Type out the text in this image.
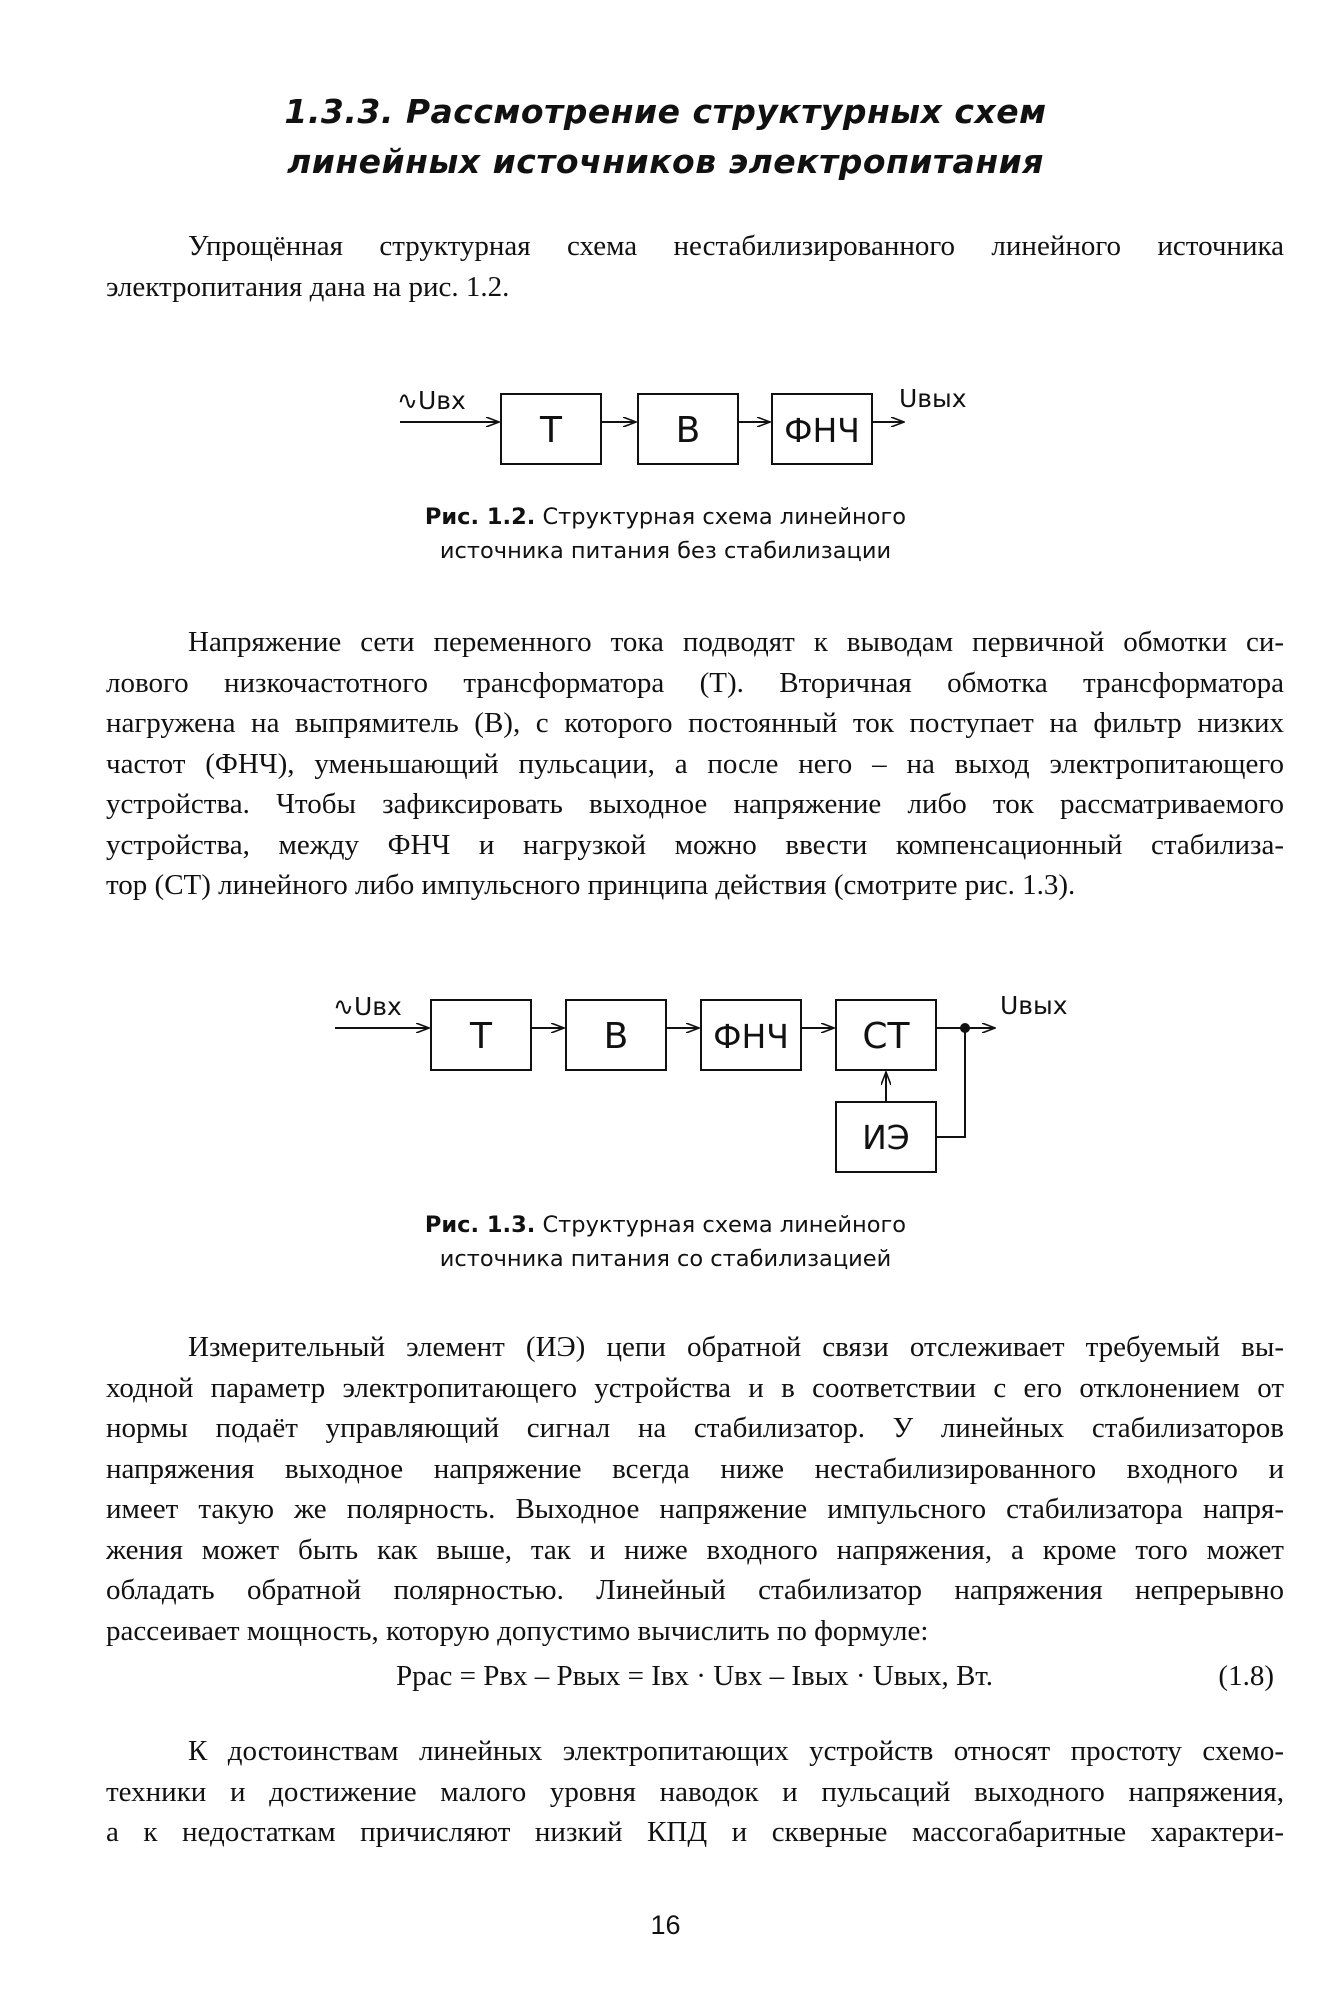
1.3.3. Рассмотрение структурных схем
линейных источников электропитания
Упрощённая структурная схема нестабилизированного линейного источника
электропитания дана на рис. 1.2.
∿Uвх
Т	В	ФНЧ
Uвых
Рис. 1.2. Структурная схема линейного
источника питания без стабилизации
Напряжение сети переменного тока подводят к выводам первичной обмотки си-
лового низкочастотного трансформатора (Т). Вторичная обмотка трансформатора
нагружена на выпрямитель (В), с которого постоянный ток поступает на фильтр низких
частот (ФНЧ), уменьшающий пульсации, а после него – на выход электропитающего
устройства. Чтобы зафиксировать выходное напряжение либо ток рассматриваемого
устройства, между ФНЧ и нагрузкой можно ввести компенсационный стабилиза-
тор (СТ) линейного либо импульсного принципа действия (смотрите рис. 1.3).
∿Uвх
Т	В	ФНЧ СТ
Uвых
ИЭ
Рис. 1.3. Структурная схема линейного
источника питания со стабилизацией
Измерительный элемент (ИЭ) цепи обратной связи отслеживает требуемый вы-
ходной параметр электропитающего устройства и в соответствии с его отклонением от
нормы подаёт управляющий сигнал на стабилизатор. У линейных стабилизаторов
напряжения выходное напряжение всегда ниже нестабилизированного входного и
имеет такую же полярность. Выходное напряжение импульсного стабилизатора напря-
жения может быть как выше, так и ниже входного напряжения, а кроме того может
обладать обратной полярностью. Линейный стабилизатор напряжения непрерывно
рассеивает мощность, которую допустимо вычислить по формуле:
Pрас = Pвх – Pвых = Iвх · Uвх – Iвых · Uвых, Вт.	(1.8)
К достоинствам линейных электропитающих устройств относят простоту схемо-
техники и достижение малого уровня наводок и пульсаций выходного напряжения,
а к недостаткам причисляют низкий КПД и скверные массогабаритные характери-
16
